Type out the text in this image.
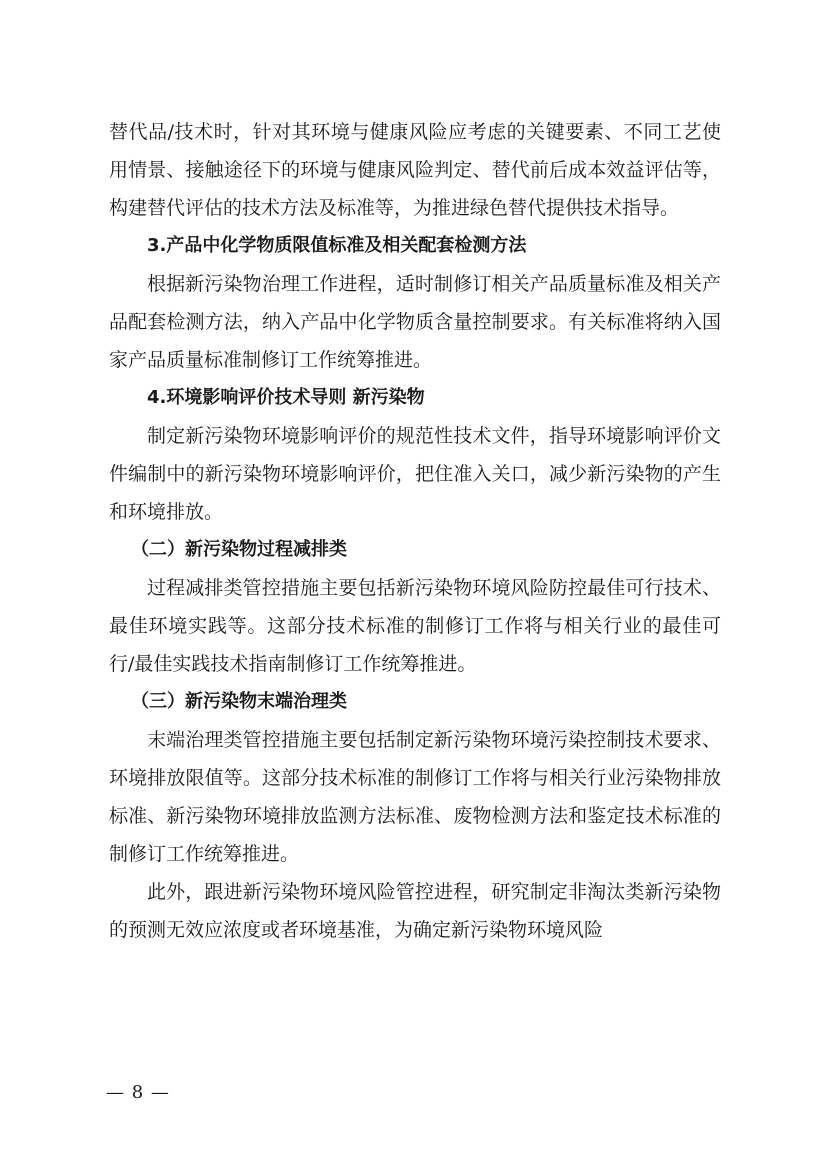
替代品/技术时，针对其环境与健康风险应考虑的关键要素、不同工艺使用情景、接触途径下的环境与健康风险判定、替代前后成本效益评估等，构建替代评估的技术方法及标准等，为推进绿色替代提供技术指导。

3.产品中化学物质限值标准及相关配套检测方法

根据新污染物治理工作进程，适时制修订相关产品质量标准及相关产品配套检测方法，纳入产品中化学物质含量控制要求。有关标准将纳入国家产品质量标准制修订工作统筹推进。

4.环境影响评价技术导则 新污染物

制定新污染物环境影响评价的规范性技术文件，指导环境影响评价文件编制中的新污染物环境影响评价，把住准入关口，减少新污染物的产生和环境排放。

（二）新污染物过程减排类

过程减排类管控措施主要包括新污染物环境风险防控最佳可行技术、最佳环境实践等。这部分技术标准的制修订工作将与相关行业的最佳可行/最佳实践技术指南制修订工作统筹推进。

（三）新污染物末端治理类

末端治理类管控措施主要包括制定新污染物环境污染控制技术要求、环境排放限值等。这部分技术标准的制修订工作将与相关行业污染物排放标准、新污染物环境排放监测方法标准、废物检测方法和鉴定技术标准的制修订工作统筹推进。

此外，跟进新污染物环境风险管控进程，研究制定非淘汰类新污染物的预测无效应浓度或者环境基准，为确定新污染物环境风险

— 8 —
